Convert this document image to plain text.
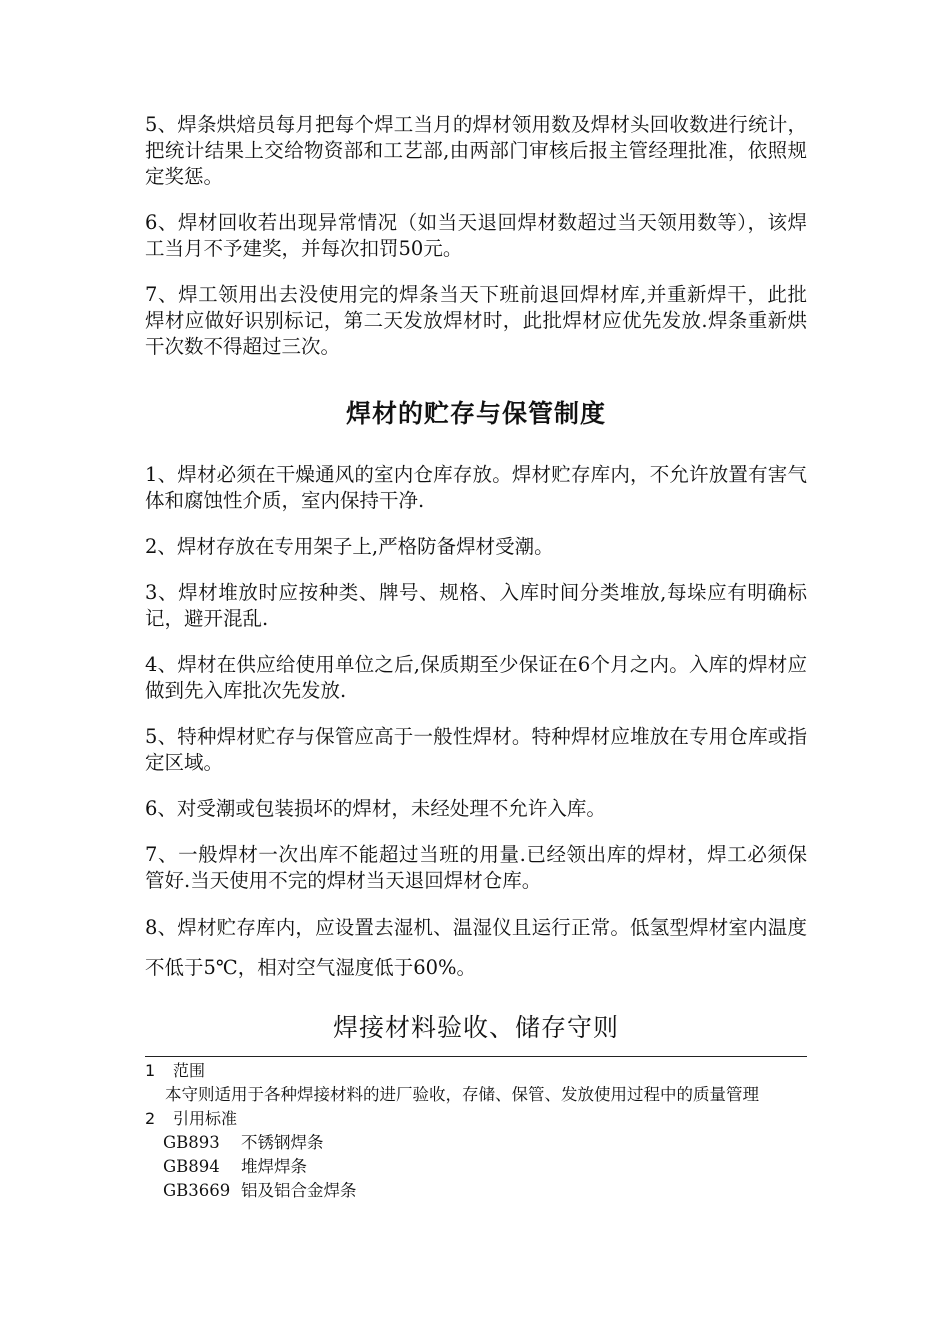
5、焊条烘焙员每月把每个焊工当月的焊材领用数及焊材头回收数进行统计，把统计结果上交给物资部和工艺部,由两部门审核后报主管经理批准，依照规定奖惩。

6、焊材回收若出现异常情况（如当天退回焊材数超过当天领用数等），该焊工当月不予建奖，并每次扣罚50元。

7、焊工领用出去没使用完的焊条当天下班前退回焊材库,并重新焊干，此批焊材应做好识别标记，第二天发放焊材时，此批焊材应优先发放.焊条重新烘干次数不得超过三次。

焊材的贮存与保管制度

1、焊材必须在干燥通风的室内仓库存放。焊材贮存库内，不允许放置有害气体和腐蚀性介质，室内保持干净.

2、焊材存放在专用架子上,严格防备焊材受潮。

3、焊材堆放时应按种类、牌号、规格、入库时间分类堆放,每垛应有明确标记，避开混乱.

4、焊材在供应给使用单位之后,保质期至少保证在6个月之内。入库的焊材应做到先入库批次先发放.

5、特种焊材贮存与保管应高于一般性焊材。特种焊材应堆放在专用仓库或指定区域。

6、对受潮或包装损坏的焊材，未经处理不允许入库。

7、一般焊材一次出库不能超过当班的用量.已经领出库的焊材，焊工必须保管好.当天使用不完的焊材当天退回焊材仓库。

8、焊材贮存库内，应设置去湿机、温湿仪且运行正常。低氢型焊材室内温度不低于5℃，相对空气湿度低于60%。

焊接材料验收、储存守则

1 范围

本守则适用于各种焊接材料的进厂验收，存储、保管、发放使用过程中的质量管理

2 引用标准

GB893 不锈钢焊条

GB894 堆焊焊条

GB3669 铝及铝合金焊条
